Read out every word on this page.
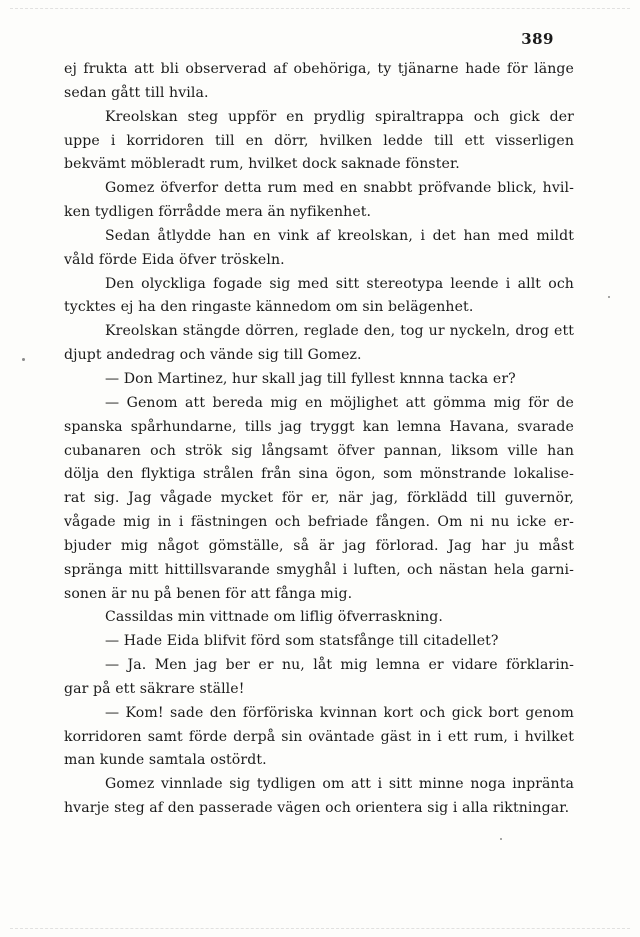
389
ej frukta att bli observerad af obehöriga, ty tjänarne hade för länge
sedan gått till hvila.
Kreolskan steg uppför en prydlig spiraltrappa och gick der
uppe i korridoren till en dörr, hvilken ledde till ett visserligen
bekvämt möbleradt rum, hvilket dock saknade fönster.
Gomez öfverfor detta rum med en snabbt pröfvande blick, hvil-
ken tydligen förrådde mera än nyfikenhet.
Sedan åtlydde han en vink af kreolskan, i det han med mildt
våld förde Eida öfver tröskeln.
Den olyckliga fogade sig med sitt stereotypa leende i allt och
tycktes ej ha den ringaste kännedom om sin belägenhet.
Kreolskan stängde dörren, reglade den, tog ur nyckeln, drog ett
djupt andedrag och vände sig till Gomez.
— Don Martinez, hur skall jag till fyllest knnna tacka er?
— Genom att bereda mig en möjlighet att gömma mig för de
spanska spårhundarne, tills jag tryggt kan lemna Havana, svarade
cubanaren och strök sig långsamt öfver pannan, liksom ville han
dölja den flyktiga strålen från sina ögon, som mönstrande lokalise-
rat sig. Jag vågade mycket för er, när jag, förklädd till guvernör,
vågade mig in i fästningen och befriade fången. Om ni nu icke er-
bjuder mig något gömställe, så är jag förlorad. Jag har ju måst
spränga mitt hittillsvarande smyghål i luften, och nästan hela garni-
sonen är nu på benen för att fånga mig.
Cassildas min vittnade om liflig öfverraskning.
— Hade Eida blifvit förd som statsfånge till citadellet?
— Ja. Men jag ber er nu, låt mig lemna er vidare förklarin-
gar på ett säkrare ställe!
— Kom! sade den förföriska kvinnan kort och gick bort genom
korridoren samt förde derpå sin oväntade gäst in i ett rum, i hvilket
man kunde samtala ostördt.
Gomez vinnlade sig tydligen om att i sitt minne noga inpränta
hvarje steg af den passerade vägen och orientera sig i alla riktningar.
